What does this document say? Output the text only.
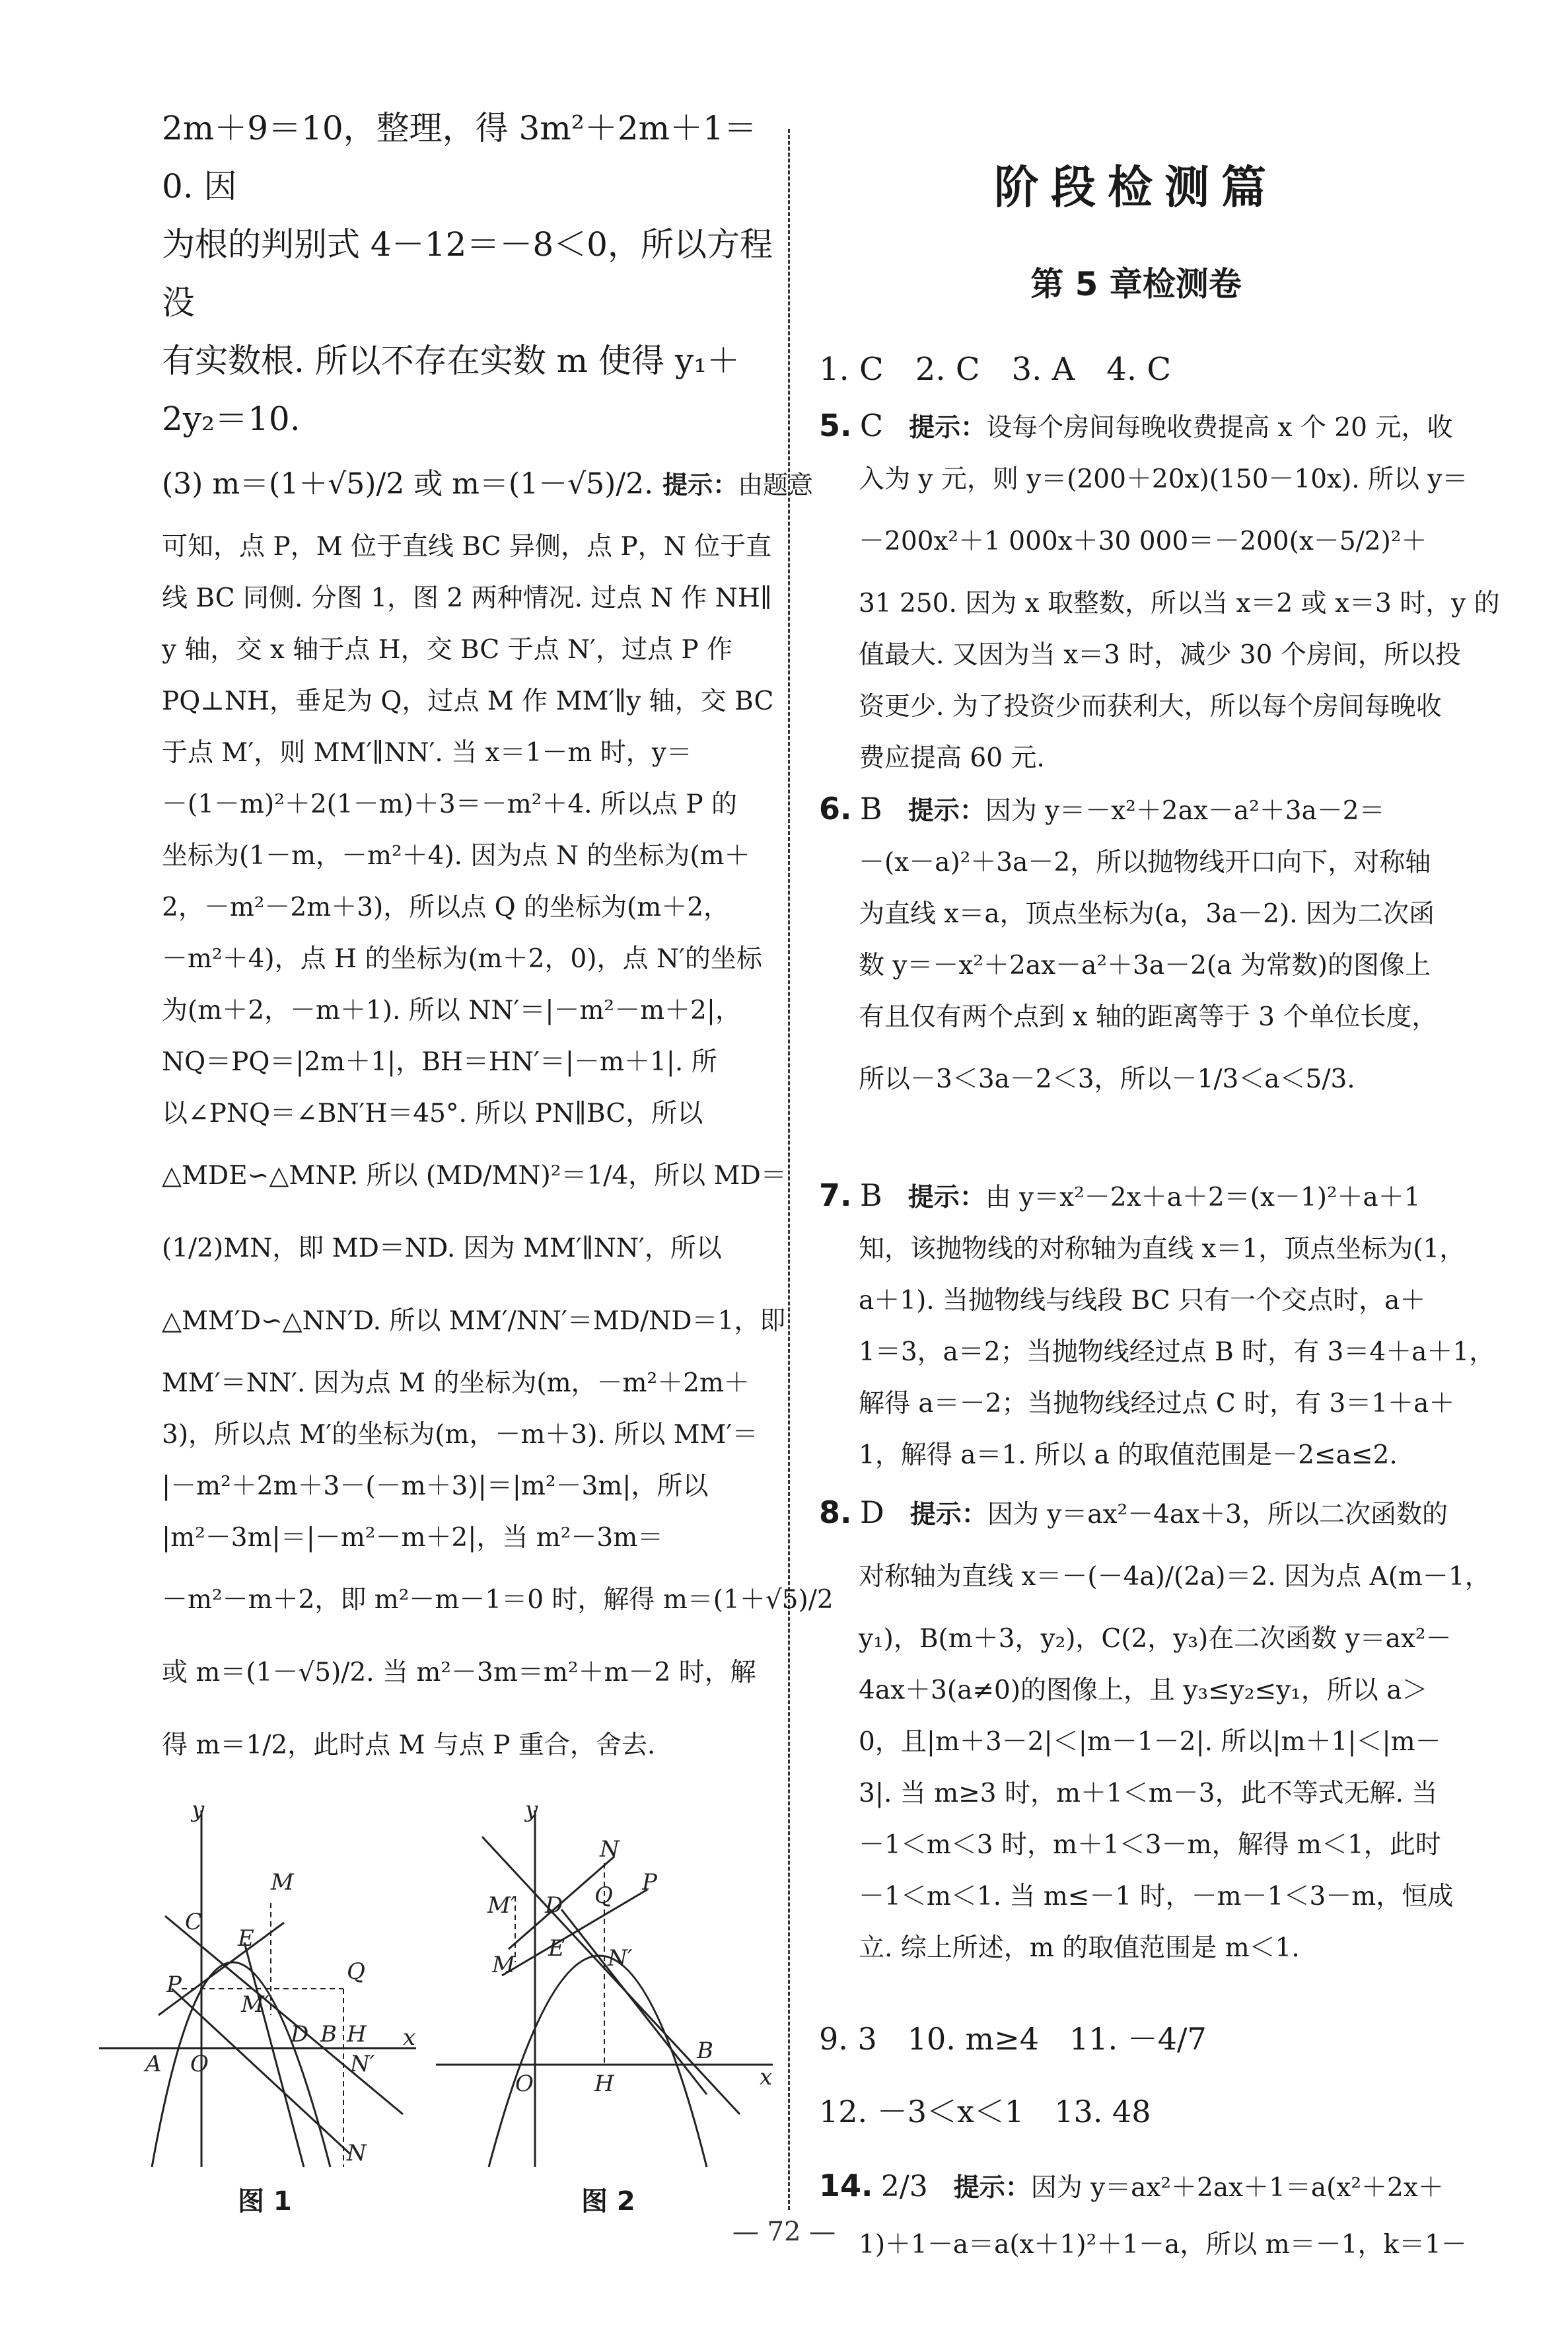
2m＋9＝10，整理，得 3m²＋2m＋1＝0. 因
为根的判别式 4－12＝－8＜0，所以方程没
有实数根. 所以不存在实数 m 使得 y₁＋
2y₂＝10.
(3) m＝(1＋√5)/2 或 m＝(1－√5)/2. 提示：由题意
可知，点 P，M 位于直线 BC 异侧，点 P，N 位于直
线 BC 同侧. 分图 1，图 2 两种情况. 过点 N 作 NH∥
y 轴，交 x 轴于点 H，交 BC 于点 N′，过点 P 作
PQ⊥NH，垂足为 Q，过点 M 作 MM′∥y 轴，交 BC
于点 M′，则 MM′∥NN′. 当 x＝1－m 时，y＝
－(1－m)²＋2(1－m)＋3＝－m²＋4. 所以点 P 的
坐标为(1－m，－m²＋4). 因为点 N 的坐标为(m＋
2，－m²－2m＋3)，所以点 Q 的坐标为(m＋2，
－m²＋4)，点 H 的坐标为(m＋2，0)，点 N′的坐标
为(m＋2，－m＋1). 所以 NN′＝|－m²－m＋2|，
NQ＝PQ＝|2m＋1|，BH＝HN′＝|－m＋1|. 所
以∠PNQ＝∠BN′H＝45°. 所以 PN∥BC，所以
△MDE∽△MNP. 所以 (MD/MN)²＝1/4，所以 MD＝
(1/2)MN，即 MD＝ND. 因为 MM′∥NN′，所以
△MM′D∽△NN′D. 所以 MM′/NN′＝MD/ND＝1，即
MM′＝NN′. 因为点 M 的坐标为(m，－m²＋2m＋
3)，所以点 M′的坐标为(m，－m＋3). 所以 MM′＝
|－m²＋2m＋3－(－m＋3)|＝|m²－3m|，所以
|m²－3m|＝|－m²－m＋2|，当 m²－3m＝
－m²－m＋2，即 m²－m－1＝0 时，解得 m＝(1＋√5)/2
或 m＝(1－√5)/2. 当 m²－3m＝m²＋m－2 时，解
得 m＝1/2，此时点 M 与点 P 重合，舍去.
y
x
O
A
M
C
E
P
M′
Q
D B H
N′
N
图 1
y
x
O	H
B
N
P
Q
D
M′
E
M	N′
图 2
阶段检测篇
第 5 章检测卷
1. C　2. C　3. A　4. C
5. C　 提示：设每个房间每晚收费提高 x 个 20 元，收
入为 y 元，则 y＝(200＋20x)(150－10x). 所以 y＝
－200x²＋1 000x＋30 000＝－200(x－5/2)²＋
31 250. 因为 x 取整数，所以当 x＝2 或 x＝3 时，y 的
值最大. 又因为当 x＝3 时，减少 30 个房间，所以投
资更少. 为了投资少而获利大，所以每个房间每晚收
费应提高 60 元.
6. B　 提示：因为 y＝－x²＋2ax－a²＋3a－2＝
－(x－a)²＋3a－2，所以抛物线开口向下，对称轴
为直线 x＝a，顶点坐标为(a，3a－2). 因为二次函
数 y＝－x²＋2ax－a²＋3a－2(a 为常数)的图像上
有且仅有两个点到 x 轴的距离等于 3 个单位长度，
所以－3＜3a－2＜3，所以－1/3＜a＜5/3.
7. B　 提示：由 y＝x²－2x＋a＋2＝(x－1)²＋a＋1
知，该抛物线的对称轴为直线 x＝1，顶点坐标为(1，
a＋1). 当抛物线与线段 BC 只有一个交点时，a＋
1＝3，a＝2；当抛物线经过点 B 时，有 3＝4＋a＋1，
解得 a＝－2；当抛物线经过点 C 时，有 3＝1＋a＋
1，解得 a＝1. 所以 a 的取值范围是－2≤a≤2.
8. D　 提示：因为 y＝ax²－4ax＋3，所以二次函数的
对称轴为直线 x＝－(－4a)/(2a)＝2. 因为点 A(m－1，
y₁)，B(m＋3，y₂)，C(2，y₃)在二次函数 y＝ax²－
4ax＋3(a≠0)的图像上，且 y₃≤y₂≤y₁，所以 a＞
0，且|m＋3－2|＜|m－1－2|. 所以|m＋1|＜|m－
3|. 当 m≥3 时，m＋1＜m－3，此不等式无解. 当
－1＜m＜3 时，m＋1＜3－m，解得 m＜1，此时
－1＜m＜1. 当 m≤－1 时，－m－1＜3－m，恒成
立. 综上所述，m 的取值范围是 m＜1.
9. 3　10. m≥4　11. －4/7
12. －3＜x＜1　13. 48
14. 2/3　 提示：因为 y＝ax²＋2ax＋1＝a(x²＋2x＋
1)＋1－a＝a(x＋1)²＋1－a，所以 m＝－1，k＝1－
— 72 —
